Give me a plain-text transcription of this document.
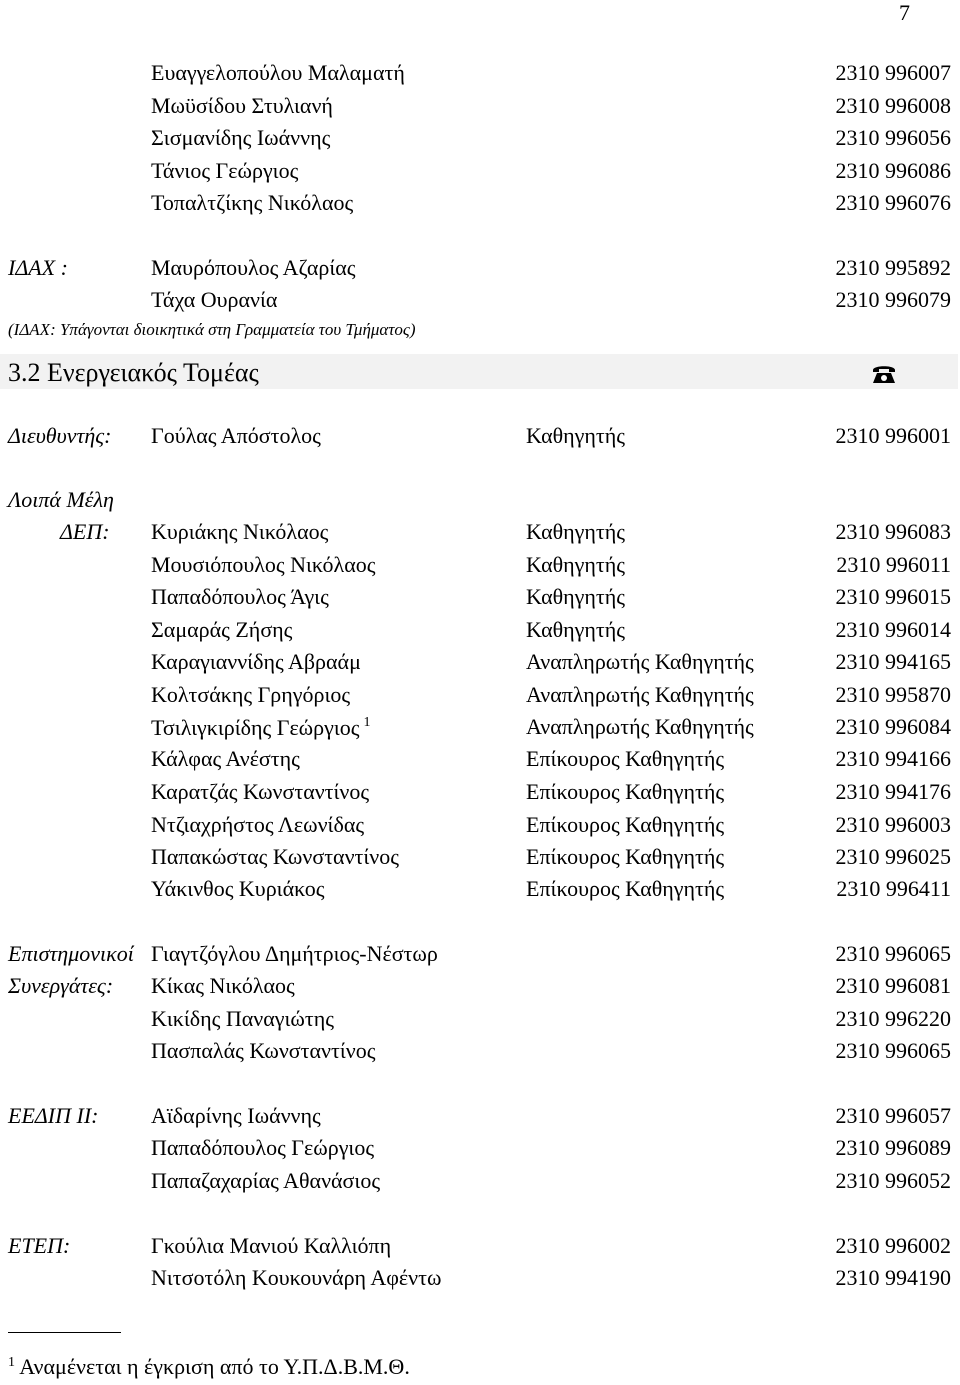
7
Ευαγγελοπούλου Μαλαματή	2310 996007
Μωϋσίδου Στυλιανή	2310 996008
Σισμανίδης Ιωάννης	2310 996056
Τάνιος Γεώργιος	2310 996086
Τοπαλτζίκης Νικόλαος	2310 996076
ΙΔΑΧ :	Μαυρόπουλος Αζαρίας	2310 995892
Τάχα Ουρανία	2310 996079
(ΙΔΑΧ: Υπάγονται διοικητικά στη Γραμματεία του Τμήματος)
3.2 Ενεργειακός Τομέας
Διευθυντής: Γούλας Απόστολος	Καθηγητής	2310 996001
Λοιπά Μέλη
ΔΕΠ: Κυριάκης Νικόλαος	Καθηγητής	2310 996083
Μουσιόπουλος Νικόλαος	Καθηγητής	2310 996011
Παπαδόπουλος Άγις	Καθηγητής	2310 996015
Σαμαράς Ζήσης	Καθηγητής	2310 996014
Καραγιαννίδης Αβραάμ	Αναπληρωτής Καθηγητής	2310 994165
Κολτσάκης Γρηγόριος	Αναπληρωτής Καθηγητής	2310 995870
Τσιλιγκιρίδης Γεώργιος $^1$	Αναπληρωτής Καθηγητής	2310 996084
Κάλφας Ανέστης	Επίκουρος Καθηγητής	2310 994166
Καρατζάς Κωνσταντίνος	Επίκουρος Καθηγητής	2310 994176
Ντζιαχρήστος Λεωνίδας	Επίκουρος Καθηγητής	2310 996003
Παπακώστας Κωνσταντίνος	Επίκουρος Καθηγητής	2310 996025
Υάκινθος Κυριάκος	Επίκουρος Καθηγητής	2310 996411
Επιστημονικοί
Συνεργάτες:
Γιαγτζόγλου Δημήτριος-Νέστωρ	2310 996065
Κίκας Νικόλαος	2310 996081
Κικίδης Παναγιώτης	2310 996220
Πασπαλάς Κωνσταντίνος	2310 996065
ΕΕΔΙΠ ΙΙ: Αϊδαρίνης Ιωάννης	2310 996057
Παπαδόπουλος Γεώργιος	2310 996089
Παπαζαχαρίας Αθανάσιος	2310 996052
ΕΤΕΠ:	Γκούλια Μανιού Καλλιόπη	2310 996002
Νιτσοτόλη Κουκουνάρη Αφέντω	2310 994190
$^1$ Αναμένεται η έγκριση από το Υ.Π.Δ.Β.Μ.Θ.
